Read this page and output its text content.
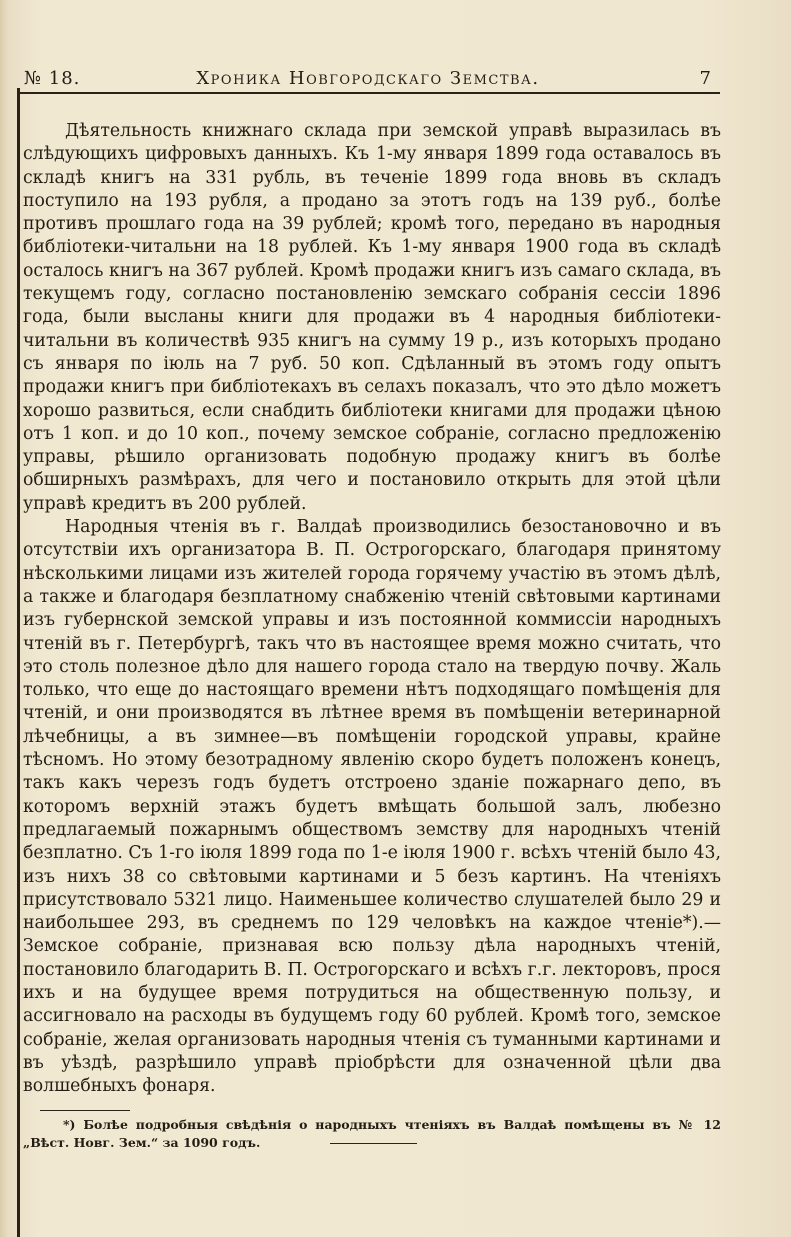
№ 18.	Хроника Новгородскаго Земства.	7

Дѣятельность книжнаго склада при земской управѣ выразилась въ слѣдующихъ цифровыхъ данныхъ. Къ 1-му января 1899 года оставалось въ складѣ книгъ на 331 рубль, въ теченіе 1899 года вновь въ складъ поступило на 193 рубля, а продано за этотъ годъ на 139 руб., болѣе противъ прошлаго года на 39 рублей; кромѣ того, передано въ народныя библіотеки-читальни на 18 рублей. Къ 1-му января 1900 года въ складѣ осталось книгъ на 367 рублей. Кромѣ продажи книгъ изъ самаго склада, въ текущемъ году, согласно постановленію земскаго собранія сессіи 1896 года, были высланы книги для продажи въ 4 народныя библіотеки-читальни въ количествѣ 935 книгъ на сумму 19 р., изъ которыхъ продано съ января по іюль на 7 руб. 50 коп. Сдѣланный въ этомъ году опытъ продажи книгъ при библіотекахъ въ селахъ показалъ, что это дѣло можетъ хорошо развиться, если снабдить библіотеки книгами для продажи цѣною отъ 1 коп. и до 10 коп., почему земское собраніе, согласно предложенію управы, рѣшило организовать подобную продажу книгъ въ болѣе обширныхъ размѣрахъ, для чего и постановило открыть для этой цѣли управѣ кредитъ въ 200 рублей.

Народныя чтенія въ г. Валдаѣ производились безостановочно и въ отсутствіи ихъ организатора В. П. Острогорскаго, благодаря принятому нѣсколькими лицами изъ жителей города горячему участію въ этомъ дѣлѣ, а также и благодаря безплатному снабженію чтеній свѣтовыми картинами изъ губернской земской управы и изъ постоянной коммиссіи народныхъ чтеній въ г. Петербургѣ, такъ что въ настоящее время можно считать, что это столь полезное дѣло для нашего города стало на твердую почву. Жаль только, что еще до настоящаго времени нѣтъ подходящаго помѣщенія для чтеній, и они производятся въ лѣтнее время въ помѣщеніи ветеринарной лѣчебницы, а въ зимнее—въ помѣщеніи городской управы, крайне тѣсномъ. Но этому безотрадному явленію скоро будетъ положенъ конецъ, такъ какъ черезъ годъ будетъ отстроено зданіе пожарнаго депо, въ которомъ верхній этажъ будетъ вмѣщать большой залъ, любезно предлагаемый пожарнымъ обществомъ земству для народныхъ чтеній безплатно. Съ 1-го іюля 1899 года по 1-е іюля 1900 г. всѣхъ чтеній было 43, изъ нихъ 38 со свѣтовыми картинами и 5 безъ картинъ. На чтеніяхъ присутствовало 5321 лицо. Наименьшее количество слушателей было 29 и наибольшее 293, въ среднемъ по 129 человѣкъ на каждое чтеніе*).—Земское собраніе, признавая всю пользу дѣла народныхъ чтеній, постановило благодарить В. П. Острогорскаго и всѣхъ г.г. лекторовъ, прося ихъ и на будущее время потрудиться на общественную пользу, и ассигновало на расходы въ будущемъ году 60 рублей. Кромѣ того, земское собраніе, желая организовать народныя чтенія съ туманными картинами и въ уѣздѣ, разрѣшило управѣ пріобрѣсти для означенной цѣли два волшебныхъ фонаря.

*) Болѣе подробныя свѣдѣнія о народныхъ чтеніяхъ въ Валдаѣ помѣщены въ № 12 „Вѣст. Новг. Зем.“ за 1090 годъ.
